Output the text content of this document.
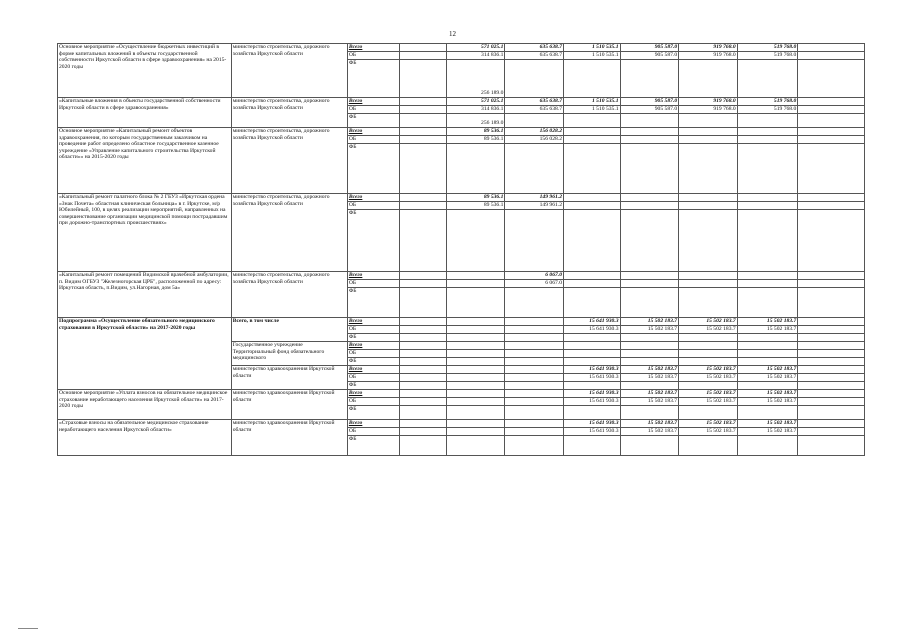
12
Основное мероприятие «Осуществление бюджетных инвестиций в форме капитальных вложений в объекты государственной собственности Иркутской области в сфере здравоохранения» на 2015-2020 годы	министерство строительства, дорожного хозяйства Иркутской области	Всего		571 025.1	635 638.7	1 510 535.1	905 587.0	919 768.0	519 768.0	
		ОБ		314 836.1	635 638.7	1 510 535.1	905 587.0	919 768.0	519 768.0	
		ФБ		256 189.0						
«Капитальные вложения в объекты государственной собственности Иркутской области в сфере здравоохранения»	министерство строительства, дорожного хозяйства Иркутской области	Всего		571 025.1	635 638.7	1 510 535.1	905 587.0	919 768.0	519 768.0	
		ОБ		314 836.1	635 638.7	1 510 535.1	905 587.0	919 768.0	519 768.0	
		ФБ		256 189.0						
Основное мероприятие «Капитальный ремонт объектов здравоохранения, по которым государственным заказчиком на проведение работ определено областное государственное казенное учреждение «Управление капитального строительства Иркутской области»» на 2015-2020 годы	министерство строительства, дорожного хозяйства Иркутской области	Всего		89 536.1	156 028.2					
		ОБ		89 536.1	156 028.2					
		ФБ								
«Капитальный ремонт палатного блока № 2 ГБУЗ «Иркутская ордена «Знак Почета» областная клиническая больница» в г. Иркутске, м/р Юбилейный, 100, в целях реализации мероприятий, направленных на совершенствование организации медицинской помощи пострадавшим при дорожно-транспортных происшествиях»	министерство строительства, дорожного хозяйства Иркутской области	Всего		89 536.1	149 961.2					
		ОБ		89 536.1	149 961.2					
		ФБ								
«Капитальный ремонт помещений Видимской врачебной амбулатории, п. Видим ОГБУЗ "Железногорская ЦРБ", расположенной по адресу: Иркутская область, п.Видим, ул.Нагорная, дом 5а»	министерство строительства, дорожного хозяйства Иркутской области	Всего			6 067.0					
		ОБ			6 067.0					
		ФБ								
Подпрограмма «Осуществление обязательного медицинского страхования в Иркутской области» на 2017-2020 годы	Всего, в том числе	Всего				15 641 930.3	15 502 183.7	15 502 183.7	15 502 183.7	
		ОБ				15 641 930.3	15 502 183.7	15 502 183.7	15 502 183.7	
		ФБ								
	Государственное учреждение Территориальный фонд обязательного медицинского	Всего								
		ОБ								
		ФБ								
	министерство здравоохранения Иркутской области	Всего				15 641 930.3	15 502 183.7	15 502 183.7	15 502 183.7	
		ОБ				15 641 930.3	15 502 183.7	15 502 183.7	15 502 183.7	
		ФБ								
Основное мероприятие «Уплата взносов на обязательное медицинское страхование неработающего населения Иркутской области» на 2017-2020 годы	министерство здравоохранения Иркутской области	Всего				15 641 930.3	15 502 183.7	15 502 183.7	15 502 183.7	
		ОБ				15 641 930.3	15 502 183.7	15 502 183.7	15 502 183.7	
		ФБ								
«Страховые взносы на обязательное медицинское страхование неработающего населения Иркутской области»	министерство здравоохранения Иркутской области	Всего				15 641 930.3	15 502 183.7	15 502 183.7	15 502 183.7	
		ОБ				15 641 930.3	15 502 183.7	15 502 183.7	15 502 183.7	
		ФБ								
